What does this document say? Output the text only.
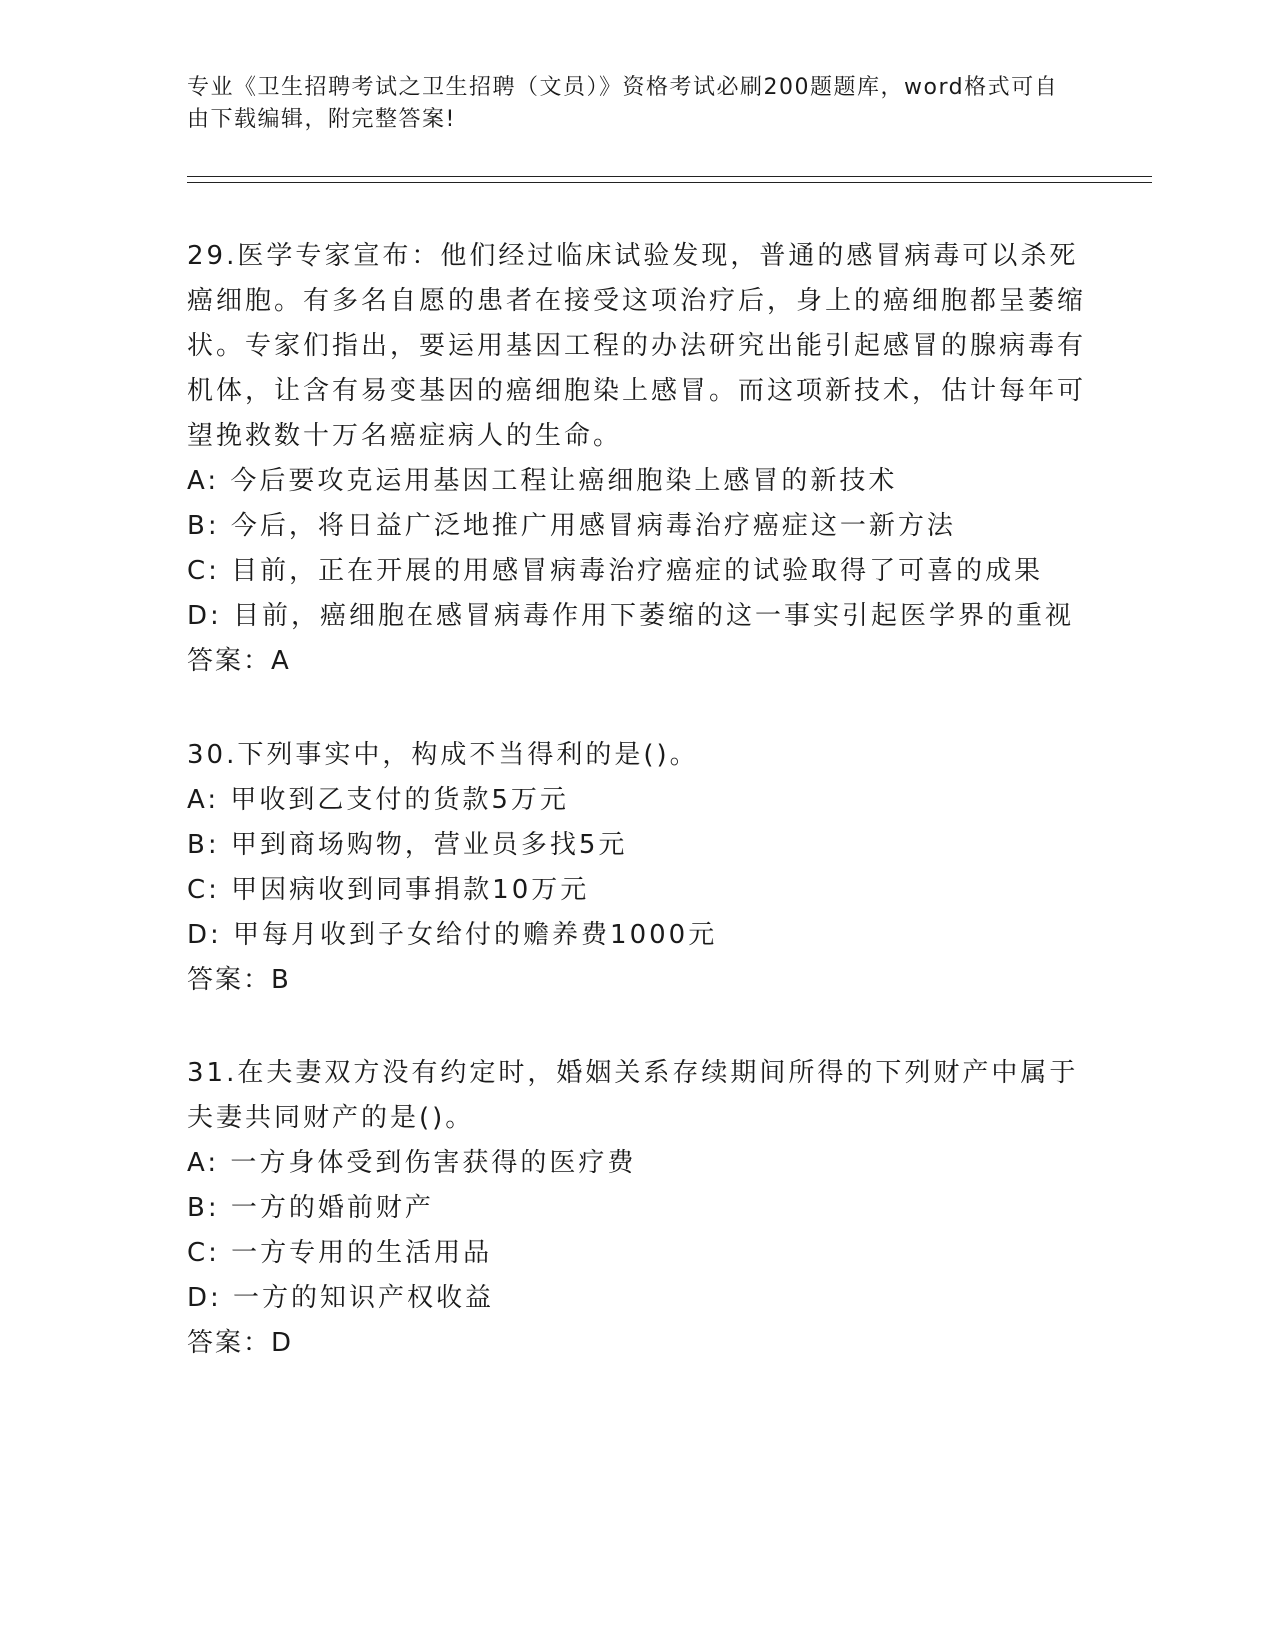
专业《卫生招聘考试之卫生招聘（文员）》资格考试必刷200题题库，word格式可自由下载编辑，附完整答案!
29.医学专家宣布：他们经过临床试验发现，普通的感冒病毒可以杀死癌细胞。有多名自愿的患者在接受这项治疗后，身上的癌细胞都呈萎缩状。专家们指出，要运用基因工程的办法研究出能引起感冒的腺病毒有机体，让含有易变基因的癌细胞染上感冒。而这项新技术，估计每年可望挽救数十万名癌症病人的生命。
A: 今后要攻克运用基因工程让癌细胞染上感冒的新技术
B: 今后，将日益广泛地推广用感冒病毒治疗癌症这一新方法
C: 目前，正在开展的用感冒病毒治疗癌症的试验取得了可喜的成果
D: 目前，癌细胞在感冒病毒作用下萎缩的这一事实引起医学界的重视
答案：A
30.下列事实中，构成不当得利的是()。
A: 甲收到乙支付的货款5万元
B: 甲到商场购物，营业员多找5元
C: 甲因病收到同事捐款10万元
D: 甲每月收到子女给付的赡养费1000元
答案：B
31.在夫妻双方没有约定时，婚姻关系存续期间所得的下列财产中属于夫妻共同财产的是()。
A: 一方身体受到伤害获得的医疗费
B: 一方的婚前财产
C: 一方专用的生活用品
D: 一方的知识产权收益
答案：D
